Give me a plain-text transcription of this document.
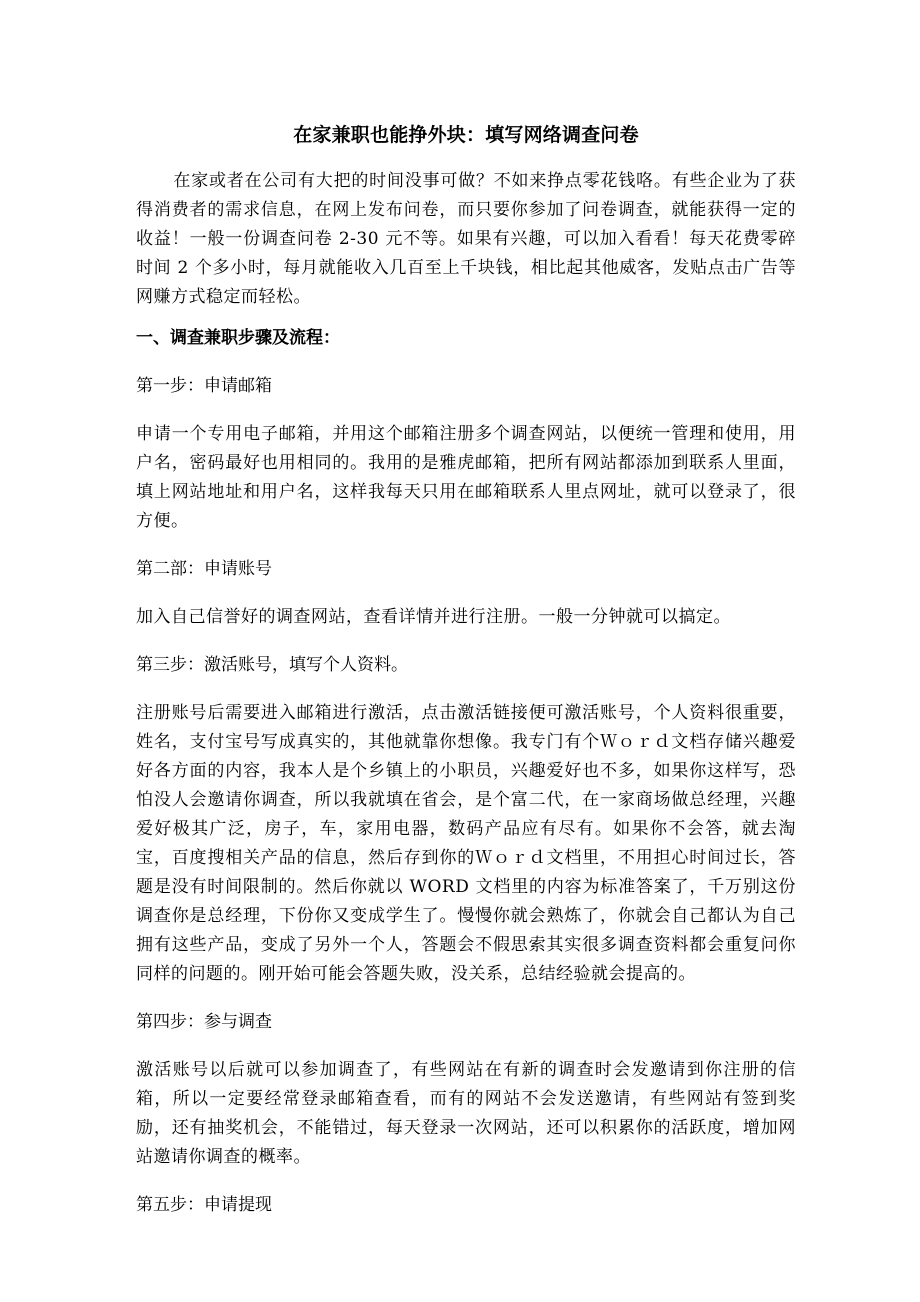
在家兼职也能挣外块：填写网络调查问卷

在家或者在公司有大把的时间没事可做？不如来挣点零花钱咯。有些企业为了获得消费者的需求信息，在网上发布问卷，而只要你参加了问卷调查，就能获得一定的收益！一般一份调查问卷 2-30 元不等。如果有兴趣，可以加入看看！每天花费零碎时间 2 个多小时，每月就能收入几百至上千块钱，相比起其他威客，发贴点击广告等网赚方式稳定而轻松。

一、调查兼职步骤及流程：

第一步：申请邮箱

申请一个专用电子邮箱，并用这个邮箱注册多个调查网站，以便统一管理和使用，用户名，密码最好也用相同的。我用的是雅虎邮箱，把所有网站都添加到联系人里面，填上网站地址和用户名，这样我每天只用在邮箱联系人里点网址，就可以登录了，很方便。

第二部：申请账号

加入自己信誉好的调查网站，查看详情并进行注册。一般一分钟就可以搞定。

第三步：激活账号，填写个人资料。

注册账号后需要进入邮箱进行激活，点击激活链接便可激活账号，个人资料很重要，姓名，支付宝号写成真实的，其他就靠你想像。我专门有个Ｗｏｒｄ文档存储兴趣爱好各方面的内容，我本人是个乡镇上的小职员，兴趣爱好也不多，如果你这样写，恐怕没人会邀请你调查，所以我就填在省会，是个富二代，在一家商场做总经理，兴趣爱好极其广泛，房子，车，家用电器，数码产品应有尽有。如果你不会答，就去淘宝，百度搜相关产品的信息，然后存到你的Ｗｏｒｄ文档里，不用担心时间过长，答题是没有时间限制的。然后你就以 WORD 文档里的内容为标准答案了，千万别这份调查你是总经理，下份你又变成学生了。慢慢你就会熟炼了，你就会自己都认为自己拥有这些产品，变成了另外一个人，答题会不假思索其实很多调查资料都会重复问你同样的问题的。刚开始可能会答题失败，没关系，总结经验就会提高的。

第四步：参与调查

激活账号以后就可以参加调查了，有些网站在有新的调查时会发邀请到你注册的信箱，所以一定要经常登录邮箱查看，而有的网站不会发送邀请，有些网站有签到奖励，还有抽奖机会，不能错过，每天登录一次网站，还可以积累你的活跃度，增加网站邀请你调查的概率。

第五步：申请提现
